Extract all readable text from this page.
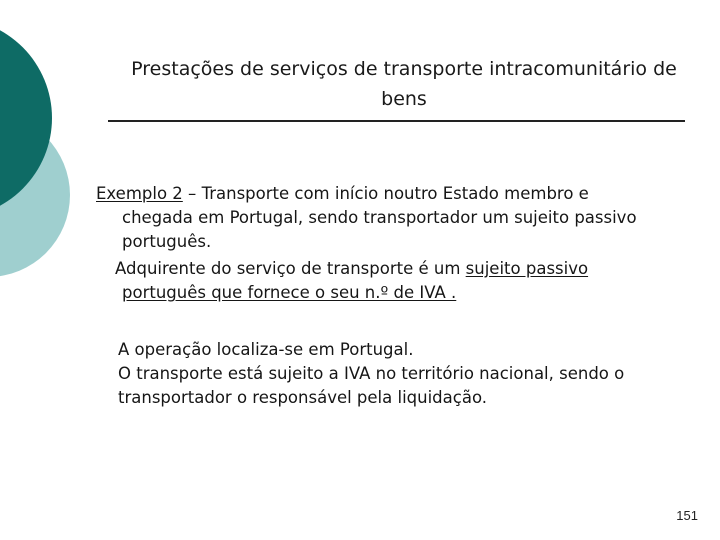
Prestações de serviços de transporte intracomunitário de bens
Exemplo 2 – Transporte com início noutro Estado membro e
chegada em Portugal, sendo transportador um sujeito passivo
português.
Adquirente do serviço de transporte é um sujeito passivo
português que fornece o seu n.º de IVA .
A operação localiza-se em Portugal.
O transporte está sujeito a IVA no território nacional, sendo o
transportador o responsável pela liquidação.
151
